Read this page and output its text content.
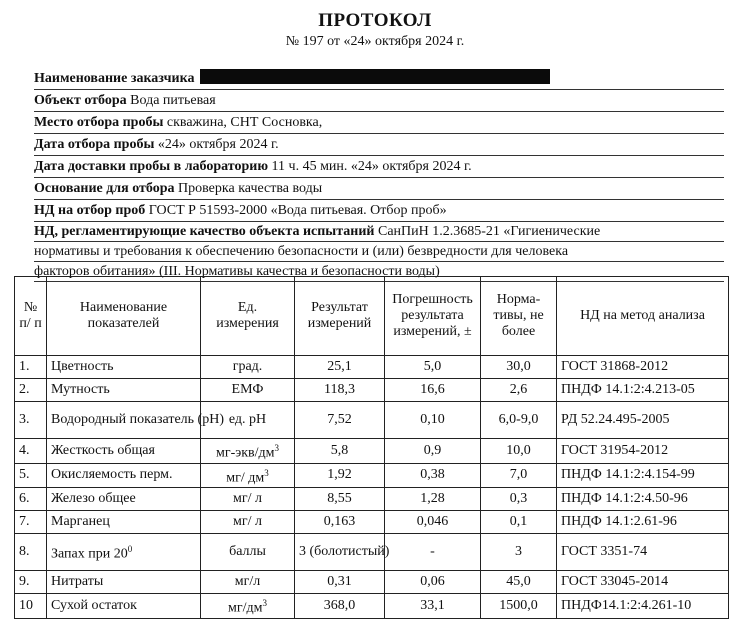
ПРОТОКОЛ
№ 197 от «24» октября 2024 г.
Наименование заказчика
Объект отбора Вода питьевая
Место отбора пробы скважина, СНТ Сосновка,
Дата отбора пробы «24» октября 2024 г.
Дата доставки пробы в лабораторию 11 ч. 45 мин. «24» октября 2024 г.
Основание для отбора Проверка качества воды
НД на отбор проб ГОСТ Р 51593-2000 «Вода питьевая. Отбор проб»
НД, регламентирующие качество объекта испытаний СанПиН 1.2.3685-21 «Гигиенические
нормативы и требования к обеспечению безопасности и (или) безвредности для человека
факторов обитания» (III. Нормативы качества и безопасности воды)
№ п/ п	Наименование показателей	Ед. измерения	Результат измерений	Погрешность результата измерений, ±	Норма-тивы, не более	НД на метод анализа
1.	Цветность	град.	25,1	5,0	30,0	ГОСТ 31868-2012
2.	Мутность	ЕМФ	118,3	16,6	2,6	ПНДФ 14.1:2:4.213-05
3.	Водородный показатель (рН)	ед. рН	7,52	0,10	6,0-9,0	РД 52.24.495-2005
4.	Жесткость общая	$мг-экв/дм^3$	5,8	0,9	10,0	ГОСТ 31954-2012
5.	Окисляемость перм.	мг/ $дм^3$	1,92	0,38	7,0	ПНДФ 14.1:2:4.154-99
6.	Железо общее	мг/ л	8,55	1,28	0,3	ПНДФ 14.1:2:4.50-96
7.	Марганец	мг/ л	0,163	0,046	0,1	ПНДФ 14.1:2.61-96
8.	Запах при $20^0$	баллы	3 (болотистый)	-	3	ГОСТ 3351-74
9.	Нитраты	мг/л	0,31	0,06	45,0	ГОСТ 33045-2014
10	Сухой остаток	$мг/дм^3$	368,0	33,1	1500,0	ПНДФ14.1:2:4.261-10
